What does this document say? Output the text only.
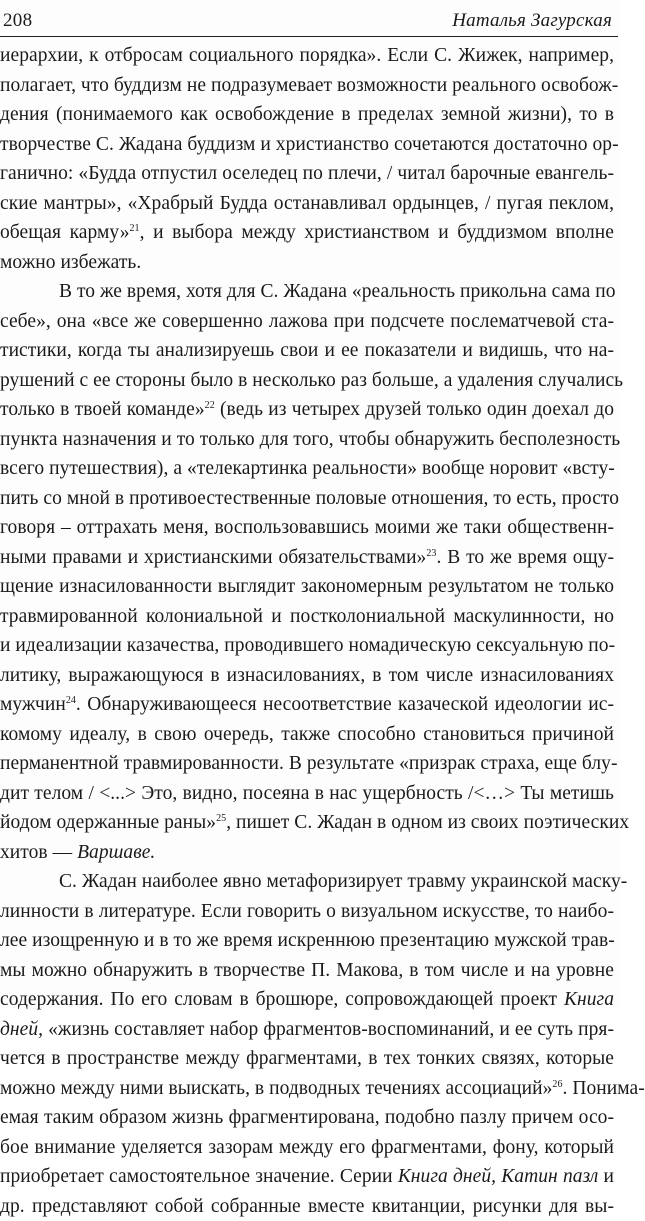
208	Наталья Загурская
иерархии, к отбросам социального порядка». Если С. Жижек, например,
полагает, что буддизм не подразумевает возможности реального освобож-
дения (понимаемого как освобождение в пределах земной жизни), то в
творчестве С. Жадана буддизм и христианство сочетаются достаточно ор-
ганично: «Будда отпустил оселедец по плечи, / читал барочные евангель-
ские мантры», «Храбрый Будда останавливал ордынцев, / пугая пеклом,
обещая карму»$^{21}$, и выбора между христианством и буддизмом вполне
можно избежать.
В то же время, хотя для С. Жадана «реальность прикольна сама по
себе», она «все же совершенно лажова при подсчете послематчевой ста-
тистики, когда ты анализируешь свои и ее показатели и видишь, что на-
рушений с ее стороны было в несколько раз больше, а удаления случались
только в твоей команде»$^{22}$ (ведь из четырех друзей только один доехал до
пункта назначения и то только для того, чтобы обнаружить бесполезность
всего путешествия), а «телекартинка реальности» вообще норовит «всту-
пить со мной в противоестественные половые отношения, то есть, просто
говоря – оттрахать меня, воспользовавшись моими же таки общественн-
ными правами и христианскими обязательствами»$^{23}$. В то же время ощу-
щение изнасилованности выглядит закономерным результатом не только
травмированной колониальной и постколониальной маскулинности, но
и идеализации казачества, проводившего номадическую сексуальную по-
литику, выражающуюся в изнасилованиях, в том числе изнасилованиях
мужчин$^{24}$. Обнаруживающееся несоответствие казаческой идеологии ис-
комому идеалу, в свою очередь, также способно становиться причиной
перманентной травмированности. В результате «призрак страха, еще блу-
дит телом / <...> Это, видно, посеяна в нас ущербность /<…> Ты метишь
йодом одержанные раны»$^{25}$, пишет С. Жадан в одном из своих поэтических
хитов — Варшаве.
С. Жадан наиболее явно метафоризирует травму украинской маску-
линности в литературе. Если говорить о визуальном искусстве, то наибо-
лее изощренную и в то же время искреннюю презентацию мужской трав-
мы можно обнаружить в творчестве П. Макова, в том числе и на уровне
содержания. По его словам в брошюре, сопровождающей проект Книга
дней, «жизнь составляет набор фрагментов-воспоминаний, и ее суть пря-
чется в пространстве между фрагментами, в тех тонких связях, которые
можно между ними выискать, в подводных течениях ассоциаций»$^{26}$. Понима-
емая таким образом жизнь фрагментирована, подобно пазлу причем осо-
бое внимание уделяется зазорам между его фрагментами, фону, который
приобретает самостоятельное значение. Серии Книга дней, Катин пазл и
др. представляют собой собранные вместе квитанции, рисунки для вы-
